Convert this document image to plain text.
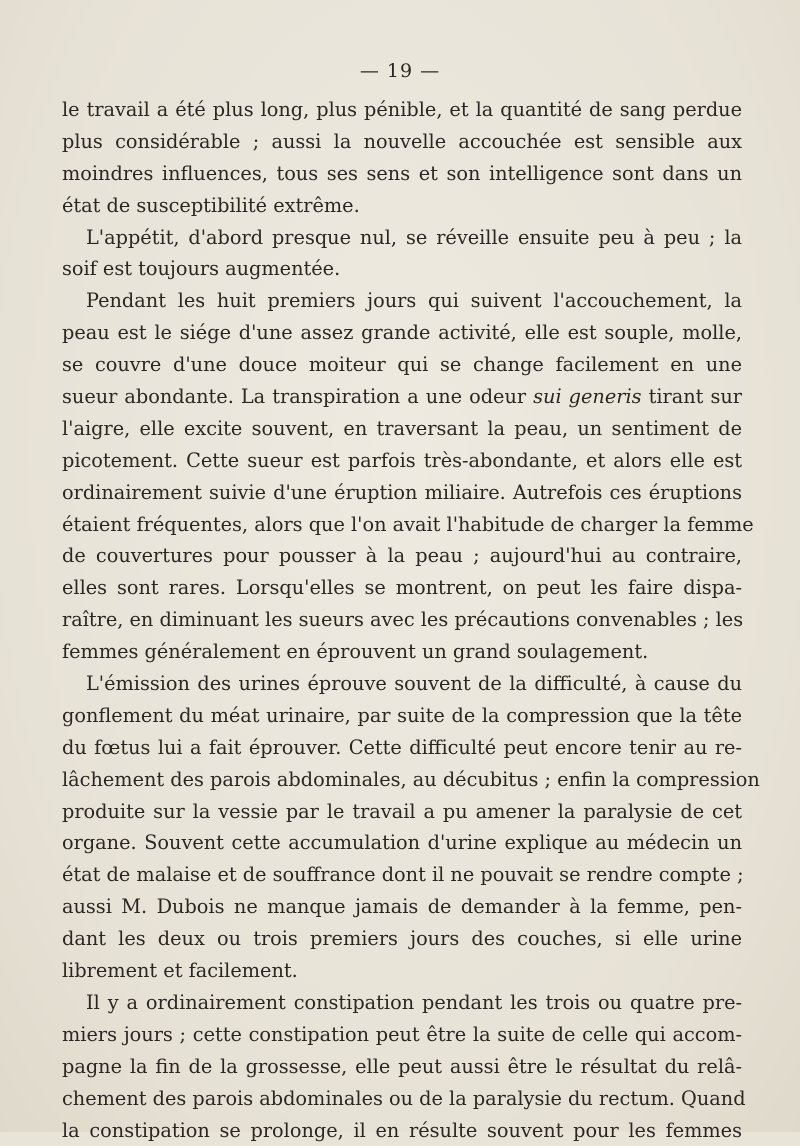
— 19 —
le travail a été plus long, plus pénible, et la quantité de sang perdue
plus considérable ; aussi la nouvelle accouchée est sensible aux
moindres influences, tous ses sens et son intelligence sont dans un
état de susceptibilité extrême.
L'appétit, d'abord presque nul, se réveille ensuite peu à peu ; la
soif est toujours augmentée.
Pendant les huit premiers jours qui suivent l'accouchement, la
peau est le siége d'une assez grande activité, elle est souple, molle,
se couvre d'une douce moiteur qui se change facilement en une
sueur abondante. La transpiration a une odeur sui generis tirant sur
l'aigre, elle excite souvent, en traversant la peau, un sentiment de
picotement. Cette sueur est parfois très-abondante, et alors elle est
ordinairement suivie d'une éruption miliaire. Autrefois ces éruptions
étaient fréquentes, alors que l'on avait l'habitude de charger la femme
de couvertures pour pousser à la peau ; aujourd'hui au contraire,
elles sont rares. Lorsqu'elles se montrent, on peut les faire dispa-
raître, en diminuant les sueurs avec les précautions convenables ; les
femmes généralement en éprouvent un grand soulagement.
L'émission des urines éprouve souvent de la difficulté, à cause du
gonflement du méat urinaire, par suite de la compression que la tête
du fœtus lui a fait éprouver. Cette difficulté peut encore tenir au re-
lâchement des parois abdominales, au décubitus ; enfin la compression
produite sur la vessie par le travail a pu amener la paralysie de cet
organe. Souvent cette accumulation d'urine explique au médecin un
état de malaise et de souffrance dont il ne pouvait se rendre compte ;
aussi M. Dubois ne manque jamais de demander à la femme, pen-
dant les deux ou trois premiers jours des couches, si elle urine
librement et facilement.
Il y a ordinairement constipation pendant les trois ou quatre pre-
miers jours ; cette constipation peut être la suite de celle qui accom-
pagne la fin de la grossesse, elle peut aussi être le résultat du relâ-
chement des parois abdominales ou de la paralysie du rectum. Quand
la constipation se prolonge, il en résulte souvent pour les femmes
